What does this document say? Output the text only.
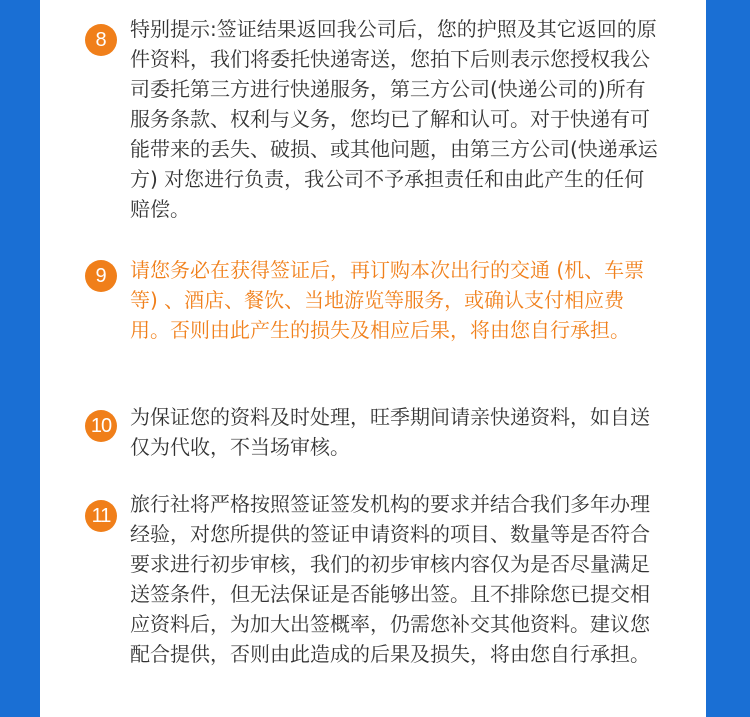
8	特别提示:签证结果返回我公司后，您的护照及其它返回的原件资料，我们将委托快递寄送，您拍下后则表示您授权我公司委托第三方进行快递服务，第三方公司(快递公司的)所有服务条款、权利与义务，您均已了解和认可。对于快递有可能带来的丢失、破损、或其他问题，由第三方公司(快递承运方) 对您进行负责，我公司不予承担责任和由此产生的任何赔偿。

9	请您务必在获得签证后，再订购本次出行的交通 (机、车票等) 、酒店、餐饮、当地游览等服务，或确认支付相应费用。否则由此产生的损失及相应后果，将由您自行承担。

10 为保证您的资料及时处理，旺季期间请亲快递资料，如自送仅为代收，不当场审核。

11 旅行社将严格按照签证签发机构的要求并结合我们多年办理经验，对您所提供的签证申请资料的项目、数量等是否符合要求进行初步审核，我们的初步审核内容仅为是否尽量满足送签条件，但无法保证是否能够出签。且不排除您已提交相应资料后，为加大出签概率，仍需您补交其他资料。建议您配合提供，否则由此造成的后果及损失，将由您自行承担。
